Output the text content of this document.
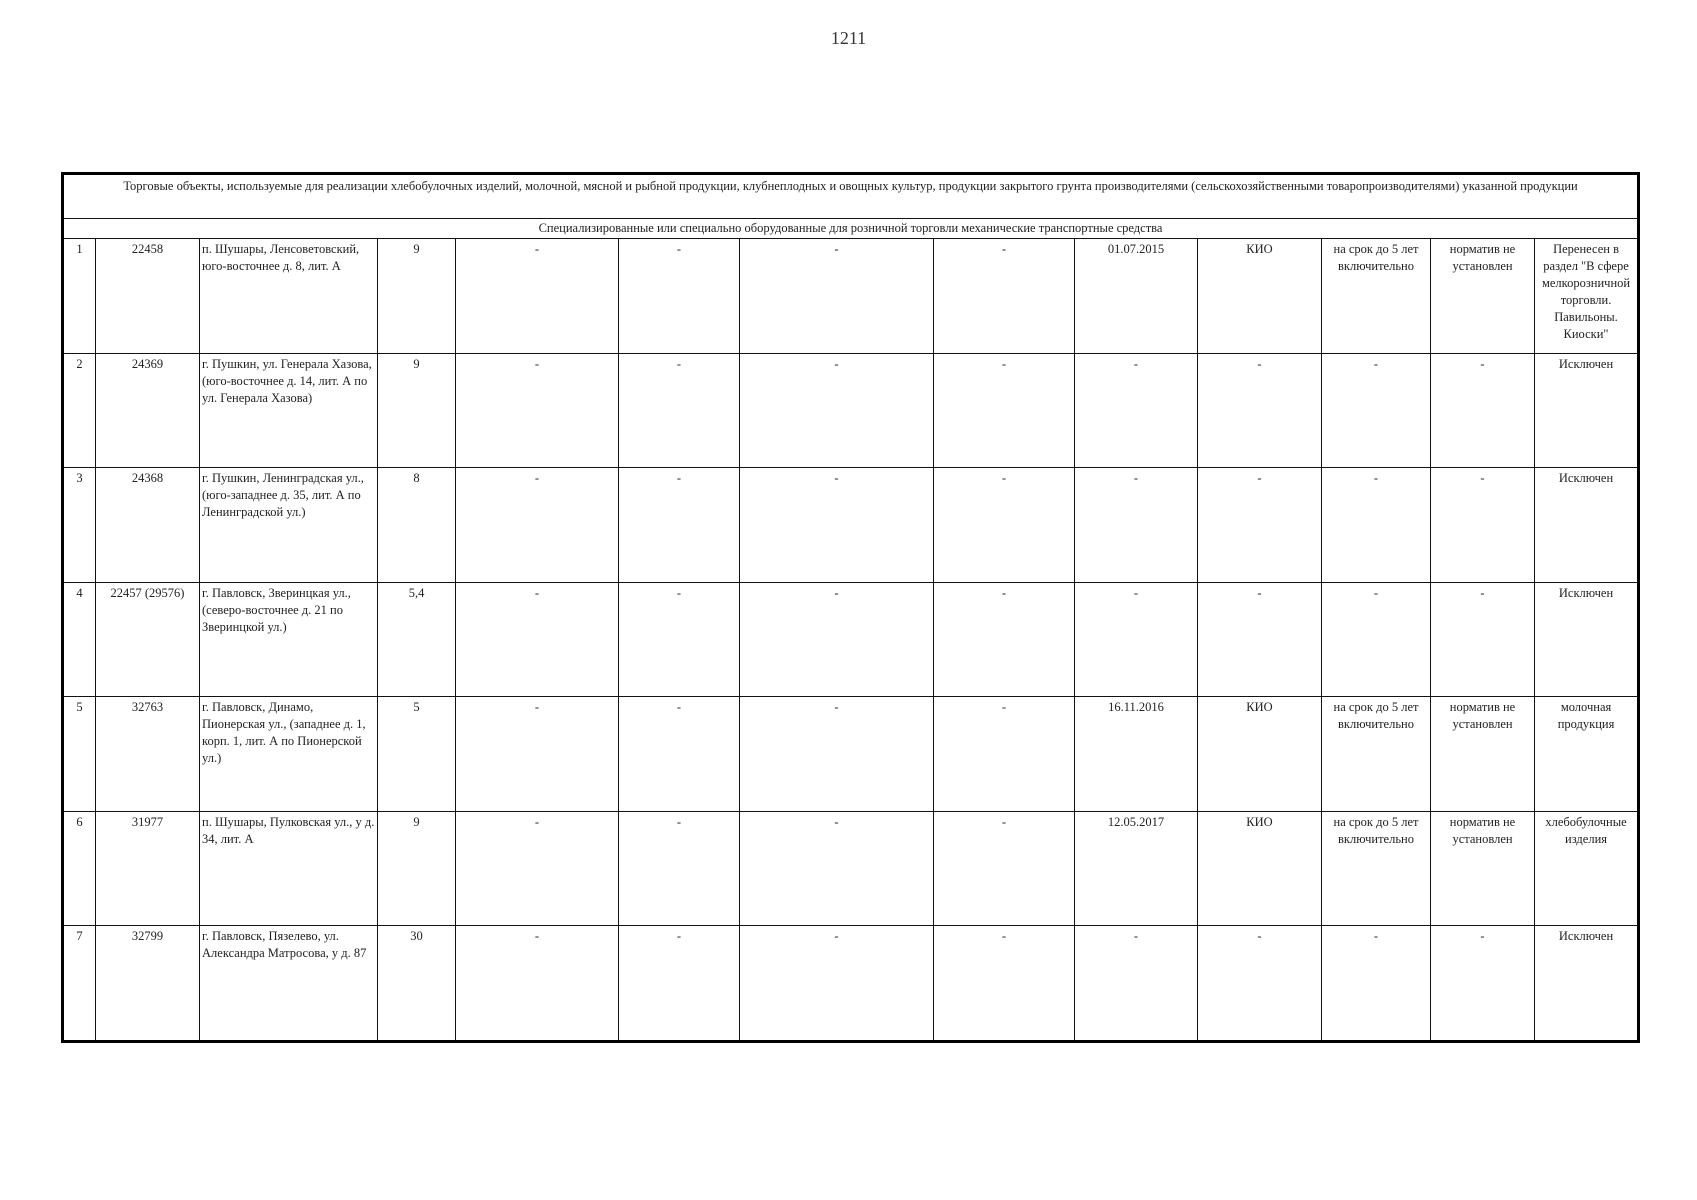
1211
Торговые объекты, используемые для реализации хлебобулочных изделий, молочной, мясной и рыбной продукции, клубнеплодных и овощных культур, продукции закрытого грунта производителями (сельскохозяйственными товаропроизводителями) указанной продукции												
Специализированные или специально оборудованные для розничной торговли механические транспортные средства												
1	22458	п. Шушары, Ленсоветовский, юго-восточнее д. 8, лит. А	9	-	-	-	-	01.07.2015	КИО	на срок до 5 лет включительно	норматив не установлен	Перенесен в раздел "В сфере мелкорозничной торговли. Павильоны. Киоски"
2	24369	г. Пушкин, ул. Генерала Хазова, (юго-восточнее д. 14, лит. А по ул. Генерала Хазова)	9	-	-	-	-	-	-	-	-	Исключен
3	24368	г. Пушкин, Ленинградская ул., (юго-западнее д. 35, лит. А по Ленинградской ул.)	8	-	-	-	-	-	-	-	-	Исключен
4	22457 (29576)	г. Павловск, Зверинцкая ул., (северо-восточнее д. 21 по Зверинцкой ул.)	5,4	-	-	-	-	-	-	-	-	Исключен
5	32763	г. Павловск, Динамо, Пионерская ул., (западнее д. 1, корп. 1, лит. А по Пионерской ул.)	5	-	-	-	-	16.11.2016	КИО	на срок до 5 лет включительно	норматив не установлен	молочная продукция
6	31977	п. Шушары, Пулковская ул., у д. 34, лит. А	9	-	-	-	-	12.05.2017	КИО	на срок до 5 лет включительно	норматив не установлен	хлебобулочные изделия
7	32799	г. Павловск, Пязелево, ул. Александра Матросова, у д. 87	30	-	-	-	-	-	-	-	-	Исключен
